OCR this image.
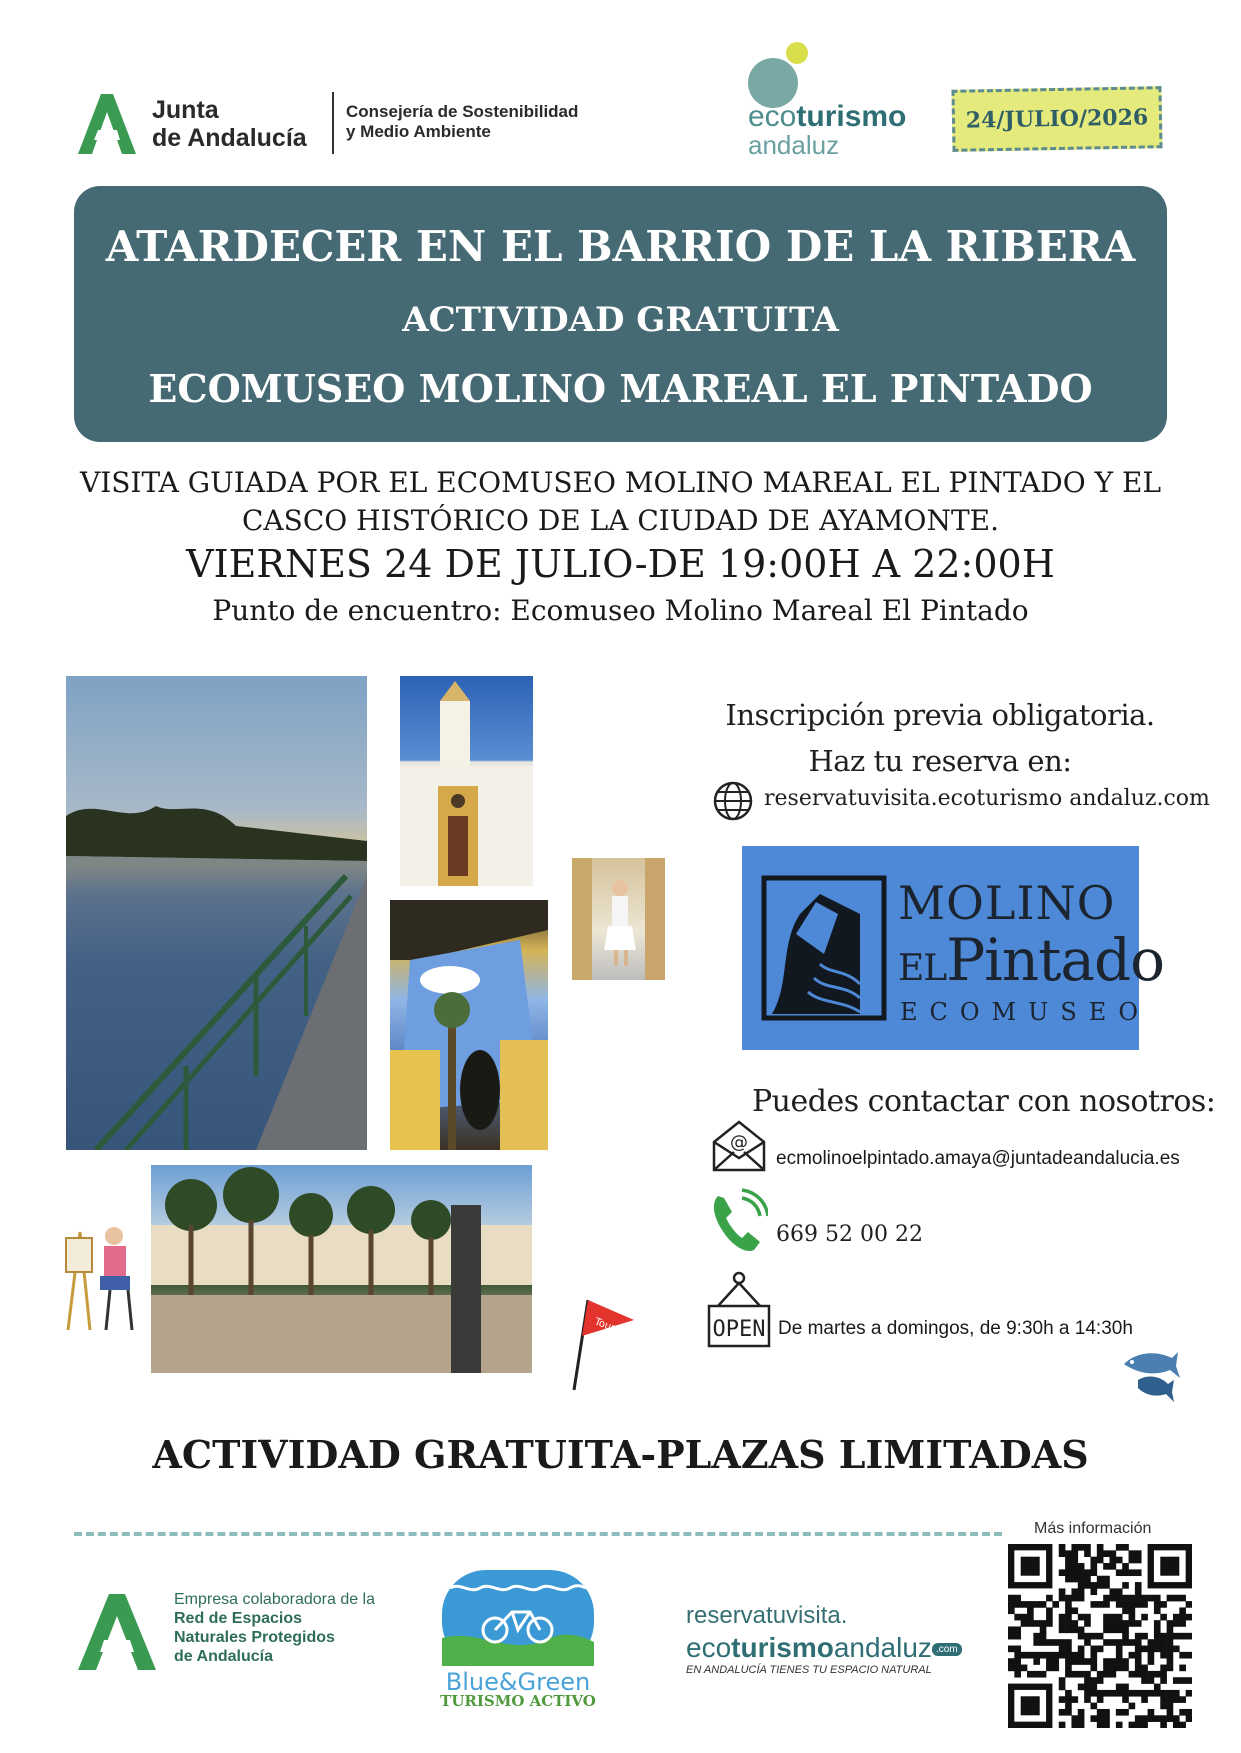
Junta
de Andalucía
Consejería de Sostenibilidad
y Medio Ambiente	ecoturismo
andaluz
24/JULIO/2026
ATARDECER EN EL BARRIO DE LA RIBERA
ACTIVIDAD GRATUITA
ECOMUSEO MOLINO MAREAL EL PINTADO
VISITA GUIADA POR EL ECOMUSEO MOLINO MAREAL EL PINTADO Y EL
CASCO HISTÓRICO DE LA CIUDAD DE AYAMONTE.
VIERNES 24 DE JULIO-DE 19:00H A 22:00H
Punto de encuentro: Ecomuseo Molino Mareal El Pintado
Tour
Inscripción previa obligatoria.
Haz tu reserva en:
reservatuvisita.ecoturismo andaluz.com
MOLINO
ELPintado
ECOMUSEO
Puedes contactar con nosotros:
@
ecmolinoelpintado.amaya@juntadeandalucia.es
669 52 00 22
OPEN De martes a domingos, de 9:30h a 14:30h
ACTIVIDAD GRATUITA-PLAZAS LIMITADAS
Empresa colaboradora de la
Red de Espacios
Naturales Protegidos
de Andalucía
Blue&Green
TURISMO ACTIVO
reservatuvisita.
ecoturismoandaluz .com
EN ANDALUCÍA TIENES TU ESPACIO NATURAL
Más información
